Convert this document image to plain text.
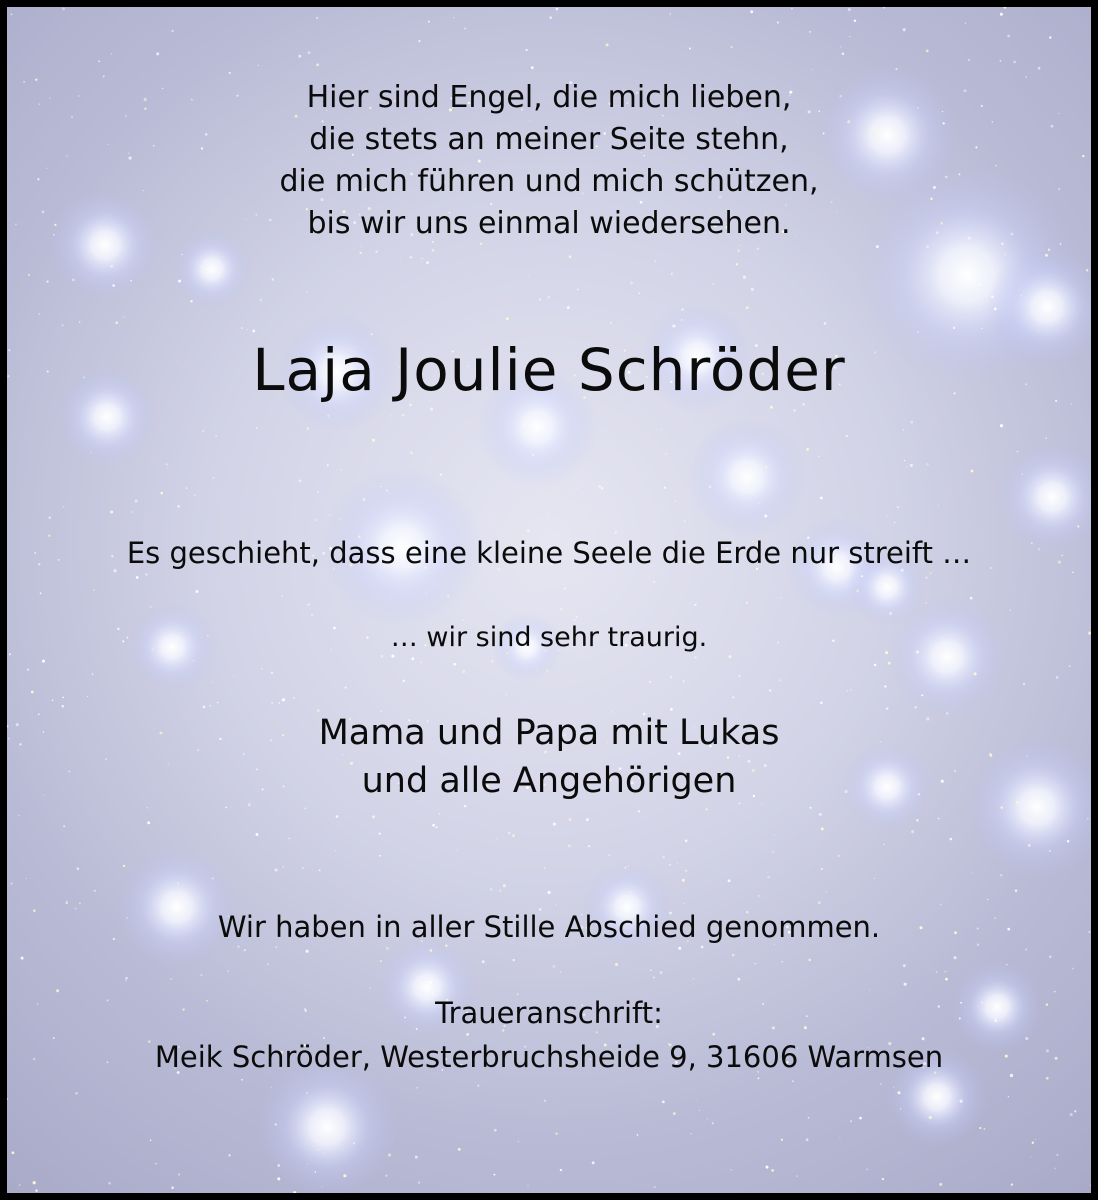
Hier sind Engel, die mich lieben,
die stets an meiner Seite stehn,
die mich führen und mich schützen,
bis wir uns einmal wiedersehen.
Laja Joulie Schröder
Es geschieht, dass eine kleine Seele die Erde nur streift …
… wir sind sehr traurig.
Mama und Papa mit Lukas
und alle Angehörigen
Wir haben in aller Stille Abschied genommen.
Traueranschrift:
Meik Schröder, Westerbruchsheide 9, 31606 Warmsen
